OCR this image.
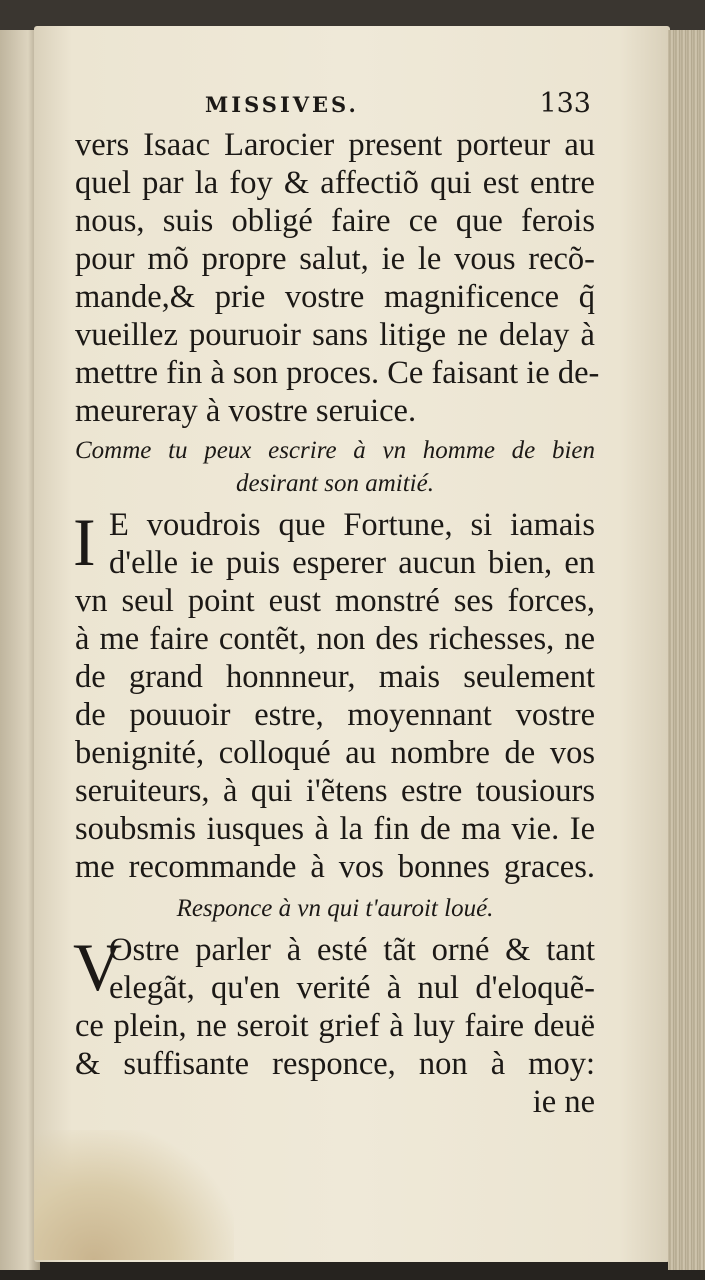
MISSIVES.	133
vers Isaac Larocier present porteur au
quel par la foy & affectiõ qui est entre
nous, suis obligé faire ce que ferois
pour mõ propre salut, ie le vous recõ-
mande,& prie vostre magnificence q̃
vueillez pouruoir sans litige ne delay à
mettre fin à son proces. Ce faisant ie de-
meureray à vostre seruice.
Comme tu peux escrire à vn homme de bien
desirant son amitié.
I E voudrois que Fortune, si iamais
d'elle ie puis esperer aucun bien, en
vn seul point eust monstré ses forces,
à me faire contẽt, non des richesses, ne
de grand honnneur, mais seulement
de pouuoir estre, moyennant vostre
benignité, colloqué au nombre de vos
seruiteurs, à qui i'ẽtens estre tousiours
soubsmis iusques à la fin de ma vie. Ie
me recommande à vos bonnes graces.
Responce à vn qui t'auroit loué.
V
Ostre parler à esté tãt orné & tant
elegãt, qu'en verité à nul d'eloquẽ-
ce plein, ne seroit grief à luy faire deuë
& suffisante responce, non à moy:
ie ne
